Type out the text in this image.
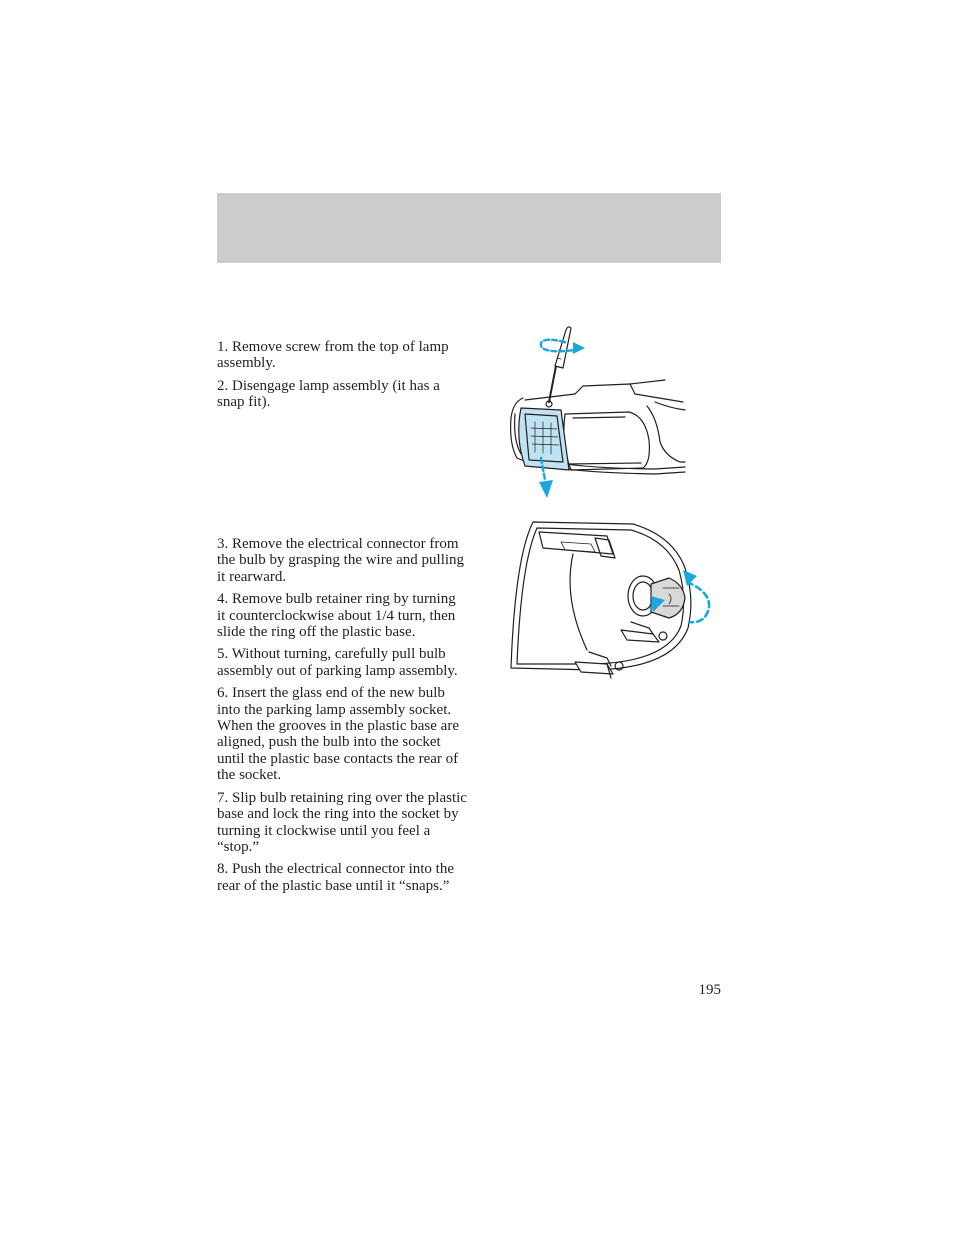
1. Remove screw from the top of lamp assembly.

2. Disengage lamp assembly (it has a snap fit).

3. Remove the electrical connector from the bulb by grasping the wire and pulling it rearward.

4. Remove bulb retainer ring by turning it counterclockwise about 1/4 turn, then slide the ring off the plastic base.

5. Without turning, carefully pull bulb assembly out of parking lamp assembly.

6. Insert the glass end of the new bulb into the parking lamp assembly socket. When the grooves in the plastic base are aligned, push the bulb into the socket until the plastic base contacts the rear of the socket.

7. Slip bulb retaining ring over the plastic base and lock the ring into the socket by turning it clockwise until you feel a “stop.”

8. Push the electrical connector into the rear of the plastic base until it “snaps.”

195
